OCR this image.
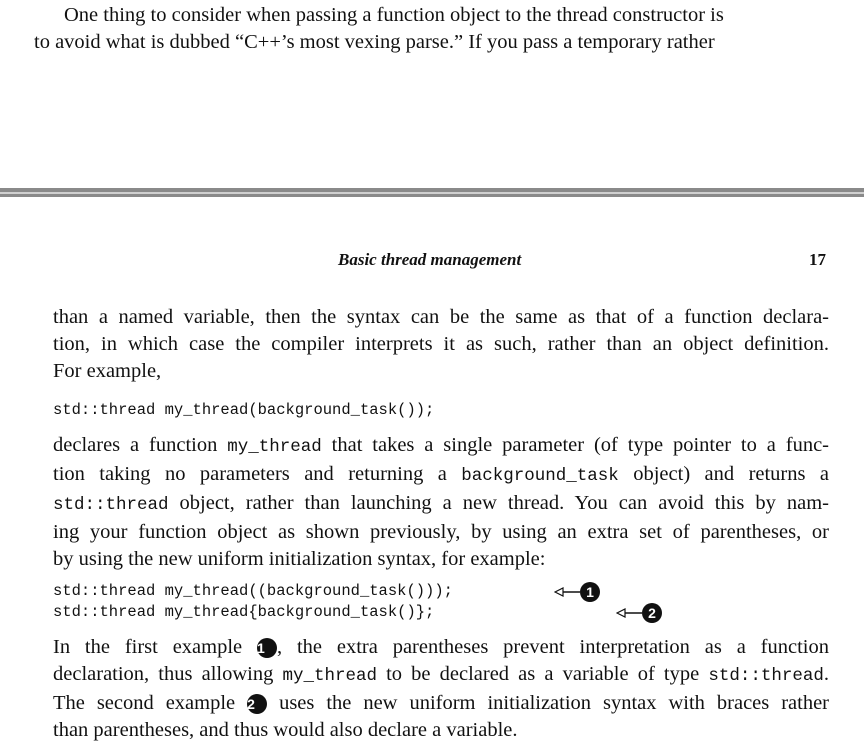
One thing to consider when passing a function object to the thread constructor is
to avoid what is dubbed “C++’s most vexing parse.” If you pass a temporary rather
Basic thread management	17
than a named variable, then the syntax can be the same as that of a function declara-
tion, in which case the compiler interprets it as such, rather than an object definition.
For example,
std::thread my_thread(background_task());
declares a function my_thread that takes a single parameter (of type pointer to a func-
tion taking no parameters and returning a background_task object) and returns a
std::thread object, rather than launching a new thread. You can avoid this by nam-
ing your function object as shown previously, by using an extra set of parentheses, or
by using the new uniform initialization syntax, for example:
std::thread my_thread((background_task()));
std::thread my_thread{background_task()};
1
2
In the first example 1 , the extra parentheses prevent interpretation as a function
declaration, thus allowing my_thread to be declared as a variable of type std::thread.
The second example 2 uses the new uniform initialization syntax with braces rather
than parentheses, and thus would also declare a variable.
